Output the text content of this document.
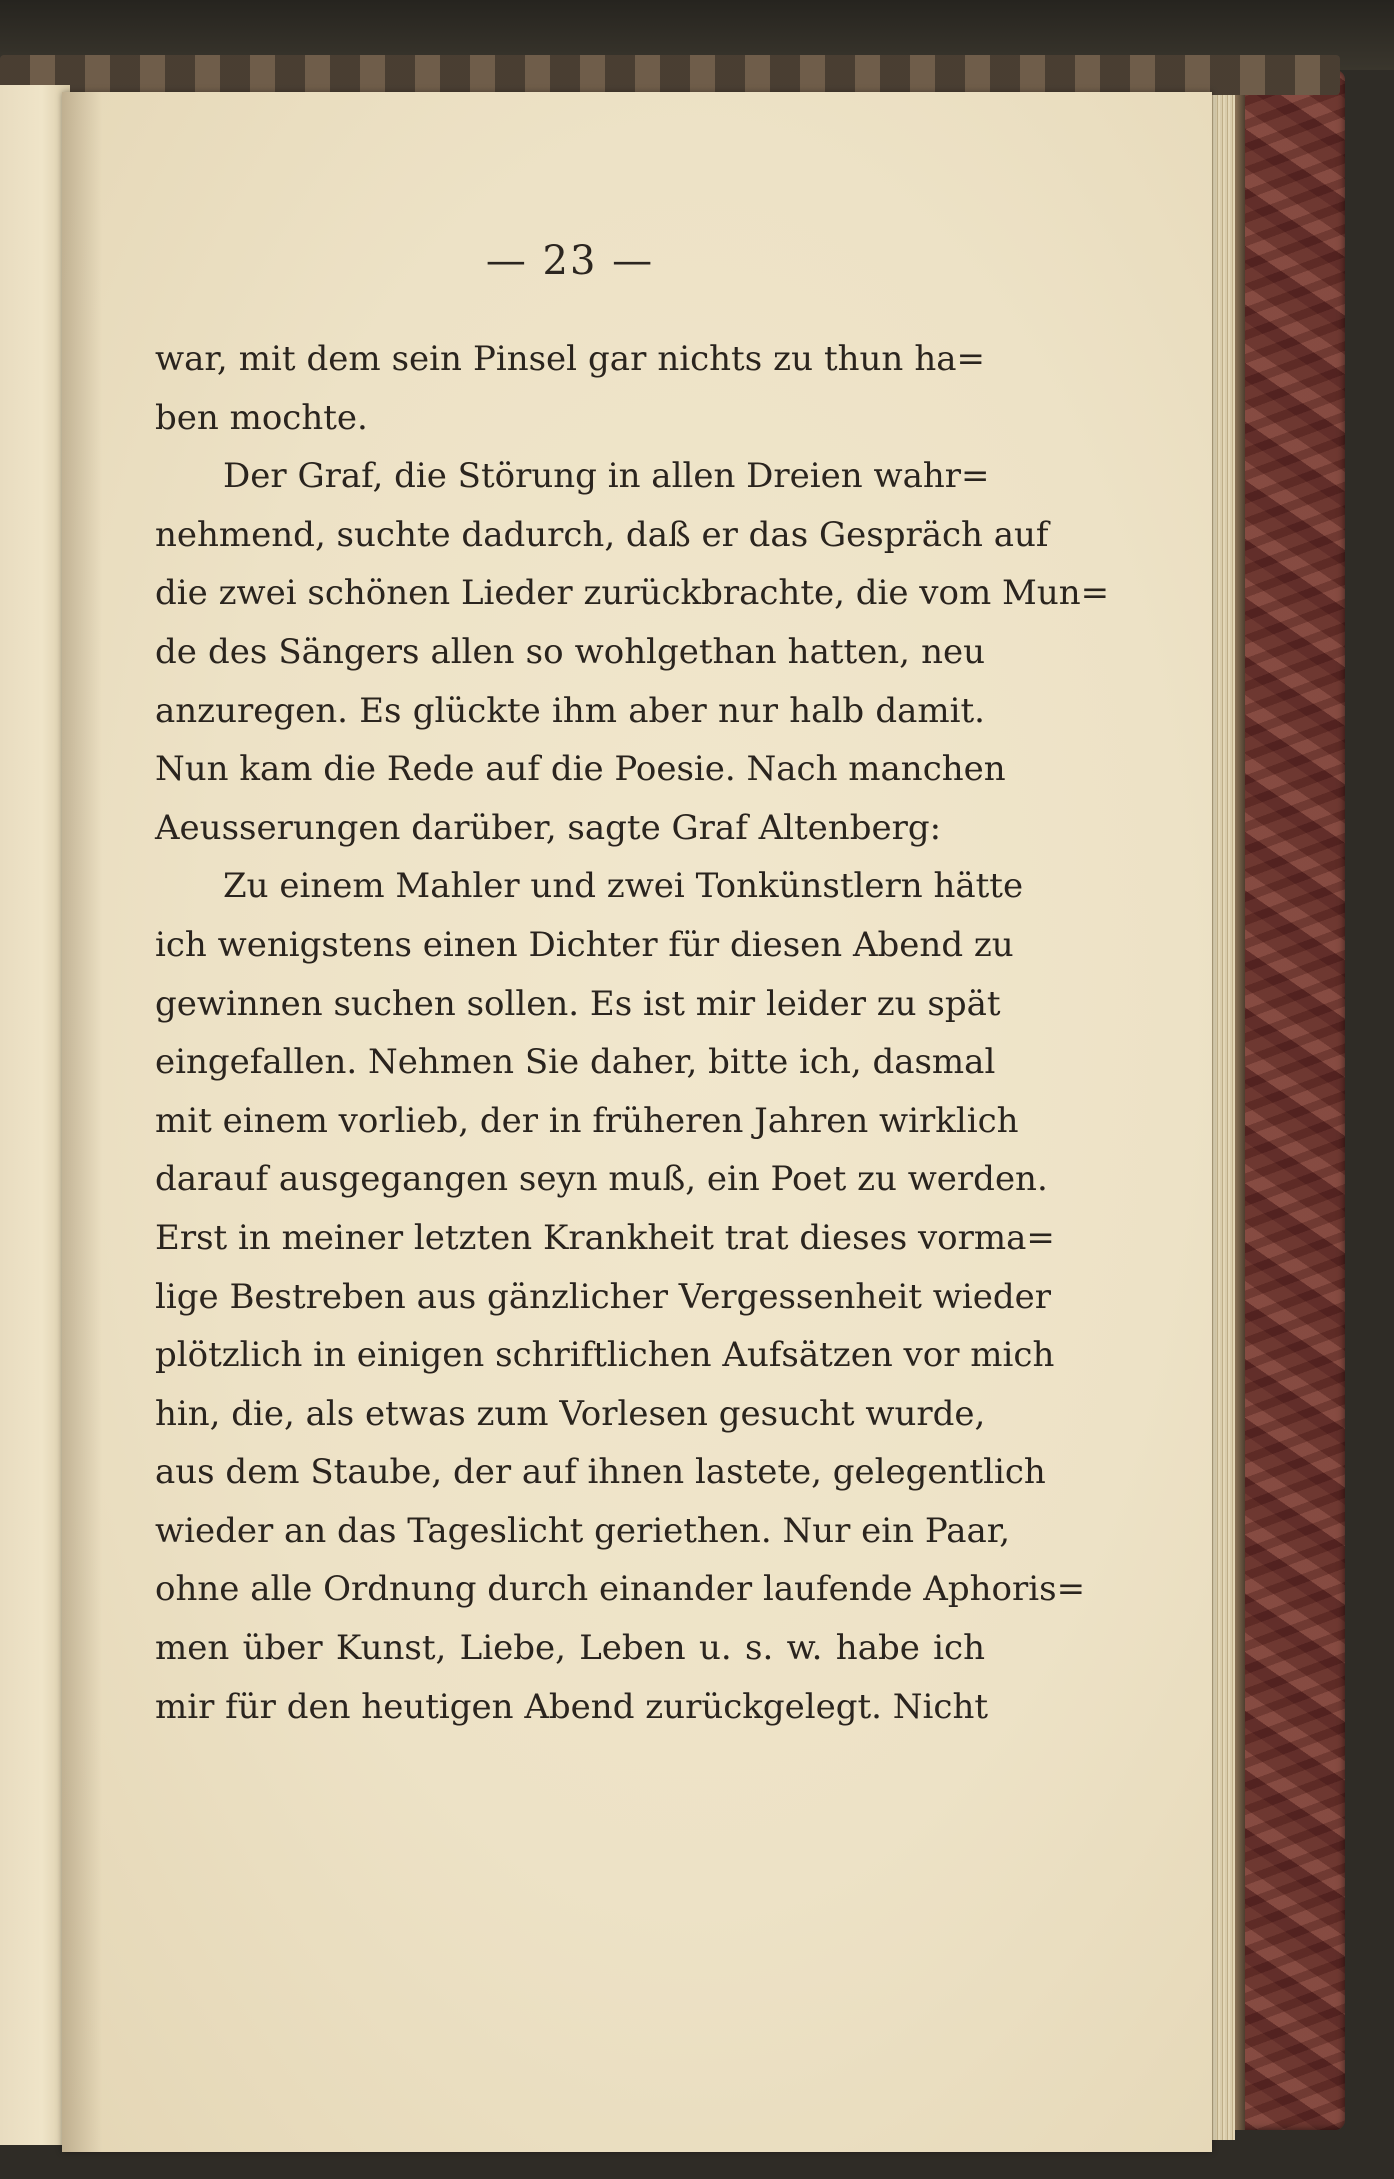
— 23 —
war, mit dem sein Pinsel gar nichts zu thun ha=
ben mochte.
Der Graf, die Störung in allen Dreien wahr=
nehmend, suchte dadurch, daß er das Gespräch auf
die zwei schönen Lieder zurückbrachte, die vom Mun=
de des Sängers allen so wohlgethan hatten, neu
anzuregen. Es glückte ihm aber nur halb damit.
Nun kam die Rede auf die Poesie. Nach manchen
Aeusserungen darüber, sagte Graf Altenberg:
Zu einem Mahler und zwei Tonkünstlern hätte
ich wenigstens einen Dichter für diesen Abend zu
gewinnen suchen sollen. Es ist mir leider zu spät
eingefallen. Nehmen Sie daher, bitte ich, dasmal
mit einem vorlieb, der in früheren Jahren wirklich
darauf ausgegangen seyn muß, ein Poet zu werden.
Erst in meiner letzten Krankheit trat dieses vorma=
lige Bestreben aus gänzlicher Vergessenheit wieder
plötzlich in einigen schriftlichen Aufsätzen vor mich
hin, die, als etwas zum Vorlesen gesucht wurde,
aus dem Staube, der auf ihnen lastete, gelegentlich
wieder an das Tageslicht geriethen. Nur ein Paar,
ohne alle Ordnung durch einander laufende Aphoris=
men über Kunst, Liebe, Leben u. s. w. habe ich
mir für den heutigen Abend zurückgelegt. Nicht
